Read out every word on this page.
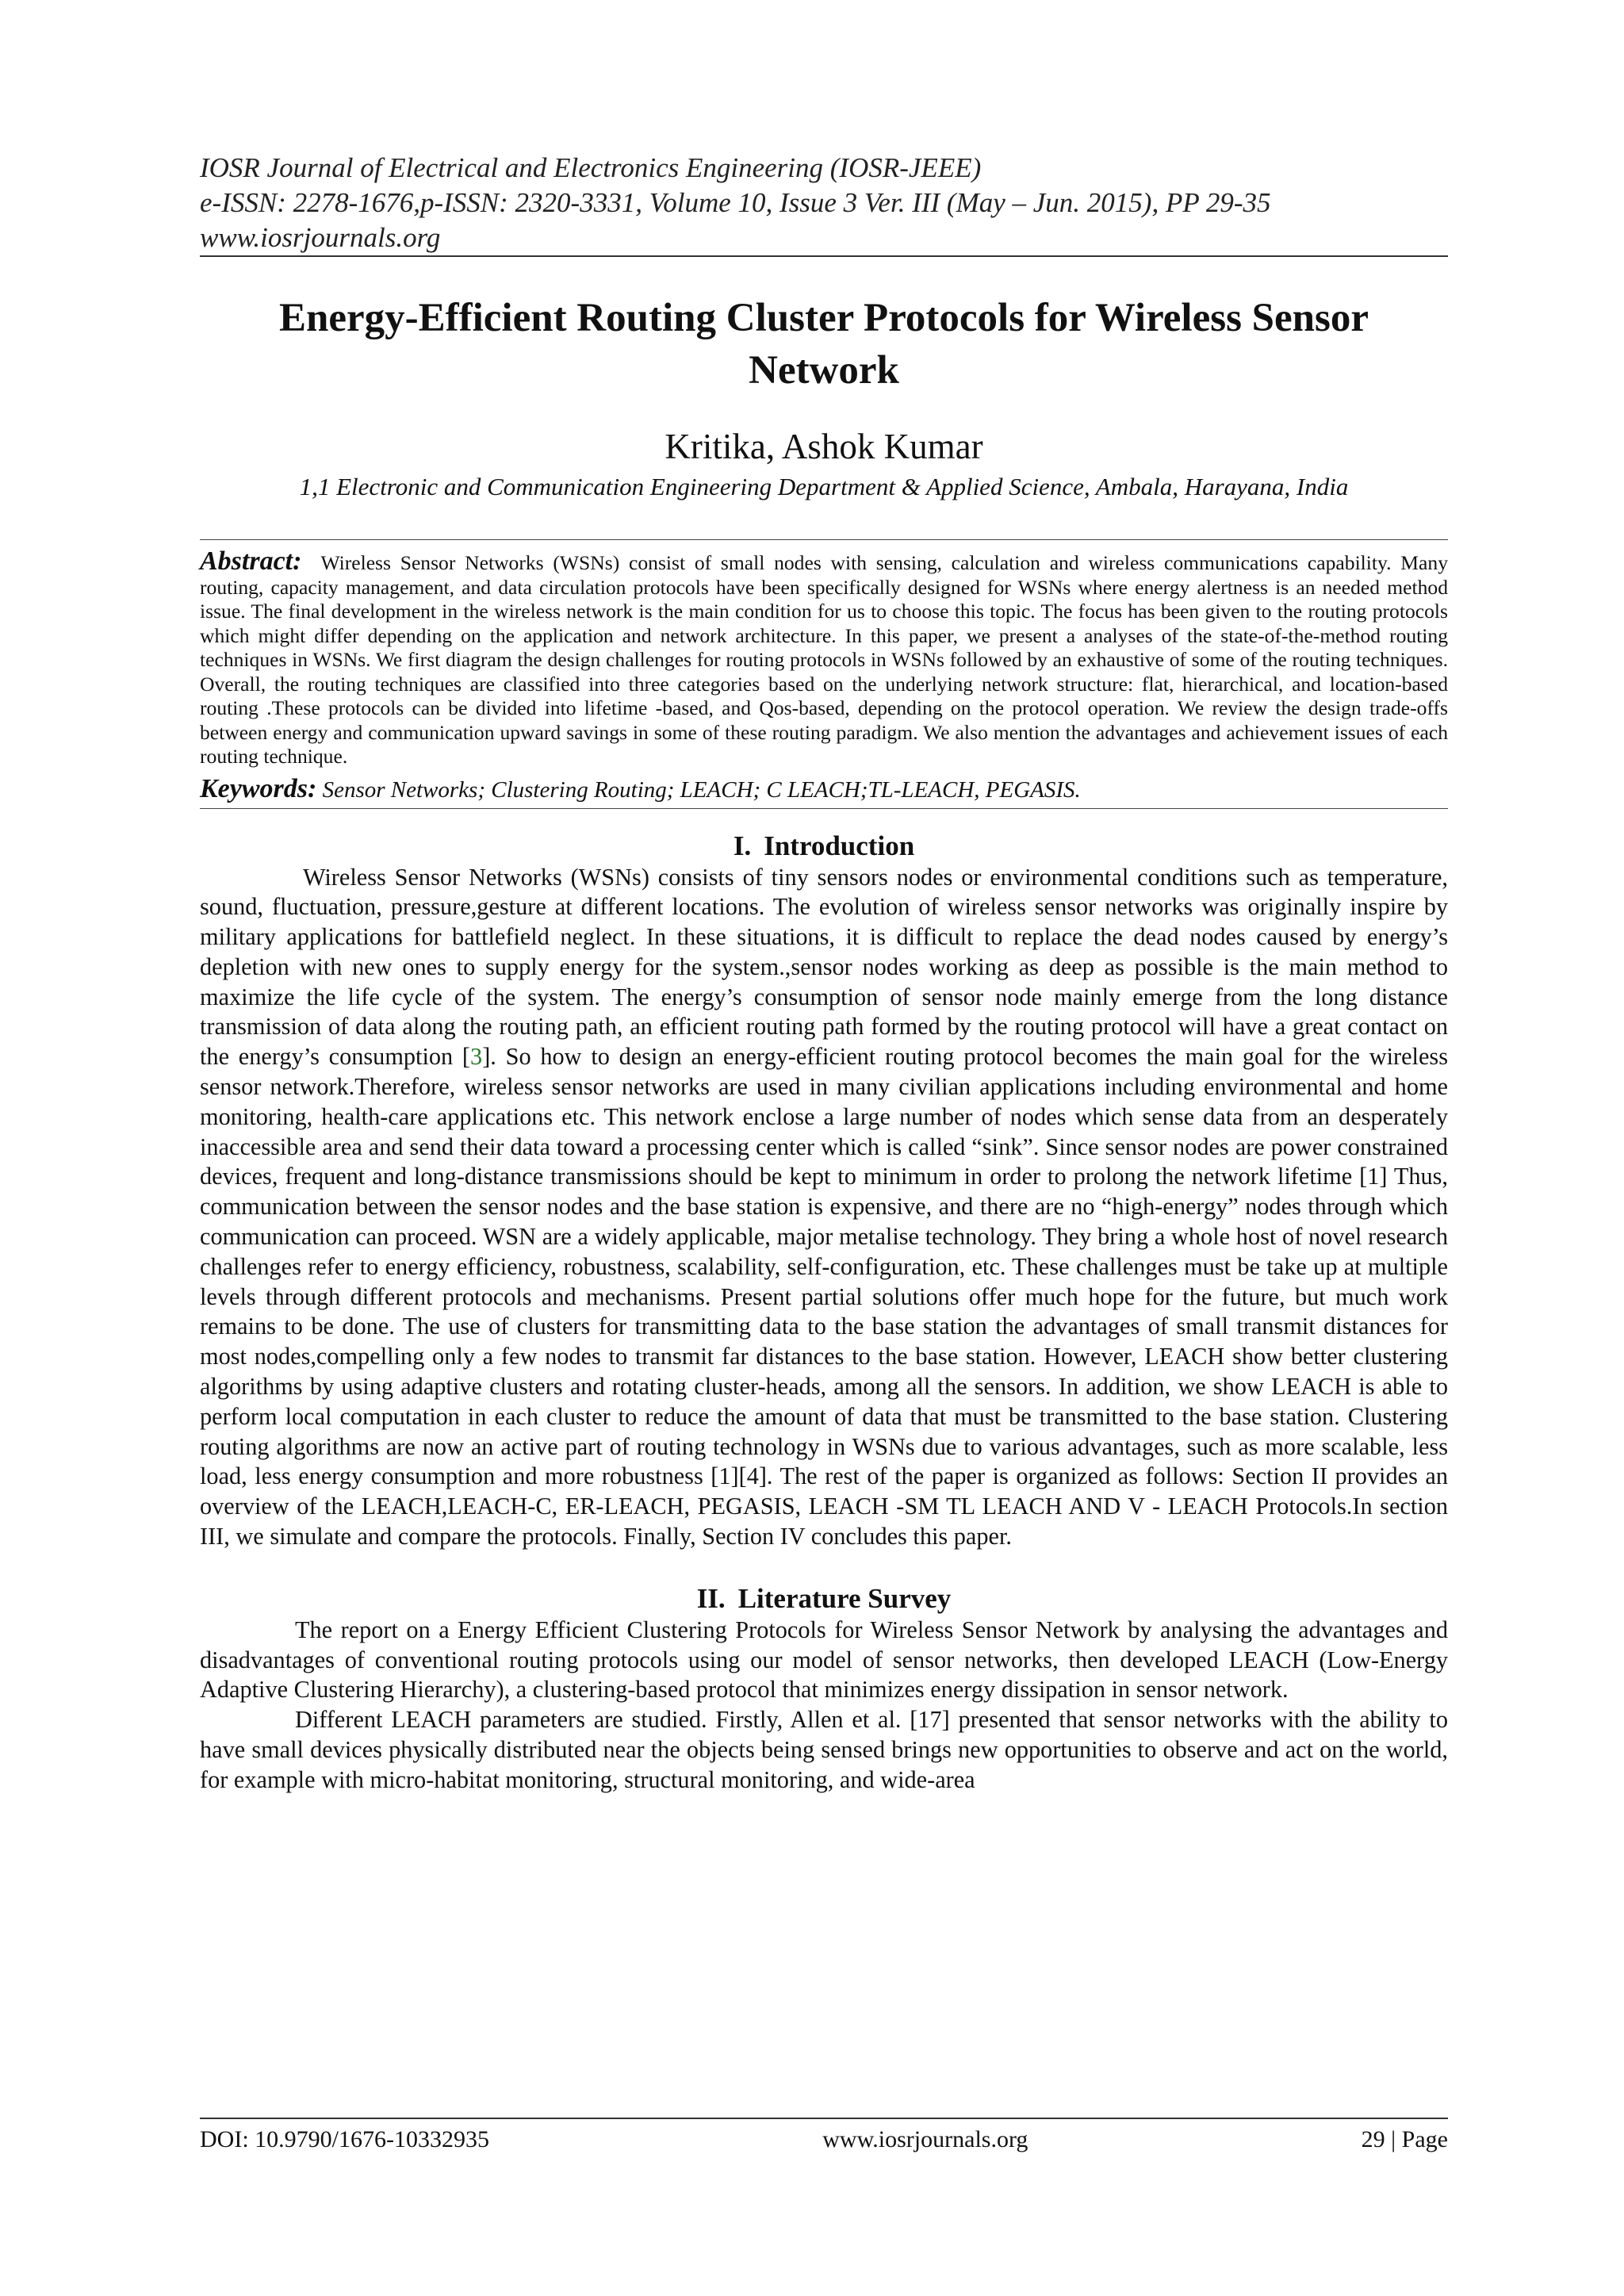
IOSR Journal of Electrical and Electronics Engineering (IOSR-JEEE)
e-ISSN: 2278-1676,p-ISSN: 2320-3331, Volume 10, Issue 3 Ver. III (May – Jun. 2015), PP 29-35
www.iosrjournals.org
Energy-Efficient Routing Cluster Protocols for Wireless Sensor Network
Kritika, Ashok Kumar
1,1 Electronic and Communication Engineering Department & Applied Science, Ambala, Harayana, India

Abstract: Wireless Sensor Networks (WSNs) consist of small nodes with sensing, calculation and wireless communications capability. Many routing, capacity management, and data circulation protocols have been specifically designed for WSNs where energy alertness is an needed method issue. The final development in the wireless network is the main condition for us to choose this topic. The focus has been given to the routing protocols which might differ depending on the application and network architecture. In this paper, we present a analyses of the state-of-the-method routing techniques in WSNs. We first diagram the design challenges for routing protocols in WSNs followed by an exhaustive of some of the routing techniques. Overall, the routing techniques are classified into three categories based on the underlying network structure: flat, hierarchical, and location-based routing .These protocols can be divided into lifetime -based, and Qos-based, depending on the protocol operation. We review the design trade-offs between energy and communication upward savings in some of these routing paradigm. We also mention the advantages and achievement issues of each routing technique.

Keywords: Sensor Networks; Clustering Routing; LEACH; C LEACH;TL-LEACH, PEGASIS.

I. Introduction

Wireless Sensor Networks (WSNs) consists of tiny sensors nodes or environmental conditions such as temperature, sound, fluctuation, pressure,gesture at different locations. The evolution of wireless sensor networks was originally inspire by military applications for battlefield neglect. In these situations, it is difficult to replace the dead nodes caused by energy’s depletion with new ones to supply energy for the system.,sensor nodes working as deep as possible is the main method to maximize the life cycle of the system. The energy’s consumption of sensor node mainly emerge from the long distance transmission of data along the routing path, an efficient routing path formed by the routing protocol will have a great contact on the energy’s consumption [3]. So how to design an energy-efficient routing protocol becomes the main goal for the wireless sensor network.Therefore, wireless sensor networks are used in many civilian applications including environmental and home monitoring, health-care applications etc. This network enclose a large number of nodes which sense data from an desperately inaccessible area and send their data toward a processing center which is called “sink”. Since sensor nodes are power constrained devices, frequent and long-distance transmissions should be kept to minimum in order to prolong the network lifetime [1] Thus, communication between the sensor nodes and the base station is expensive, and there are no “high-energy” nodes through which communication can proceed. WSN are a widely applicable, major metalise technology. They bring a whole host of novel research challenges refer to energy efficiency, robustness, scalability, self-configuration, etc. These challenges must be take up at multiple levels through different protocols and mechanisms. Present partial solutions offer much hope for the future, but much work remains to be done. The use of clusters for transmitting data to the base station the advantages of small transmit distances for most nodes,compelling only a few nodes to transmit far distances to the base station. However, LEACH show better clustering algorithms by using adaptive clusters and rotating cluster-heads, among all the sensors. In addition, we show LEACH is able to perform local computation in each cluster to reduce the amount of data that must be transmitted to the base station. Clustering routing algorithms are now an active part of routing technology in WSNs due to various advantages, such as more scalable, less load, less energy consumption and more robustness [1][4]. The rest of the paper is organized as follows: Section II provides an overview of the LEACH,LEACH-C, ER-LEACH, PEGASIS, LEACH -SM TL LEACH AND V - LEACH Protocols.In section III, we simulate and compare the protocols. Finally, Section IV concludes this paper.

II. Literature Survey

The report on a Energy Efficient Clustering Protocols for Wireless Sensor Network by analysing the advantages and disadvantages of conventional routing protocols using our model of sensor networks, then developed LEACH (Low-Energy Adaptive Clustering Hierarchy), a clustering-based protocol that minimizes energy dissipation in sensor network.

Different LEACH parameters are studied. Firstly, Allen et al. [17] presented that sensor networks with the ability to have small devices physically distributed near the objects being sensed brings new opportunities to observe and act on the world, for example with micro-habitat monitoring, structural monitoring, and wide-area

DOI: 10.9790/1676-10332935	www.iosrjournals.org	29 | Page
